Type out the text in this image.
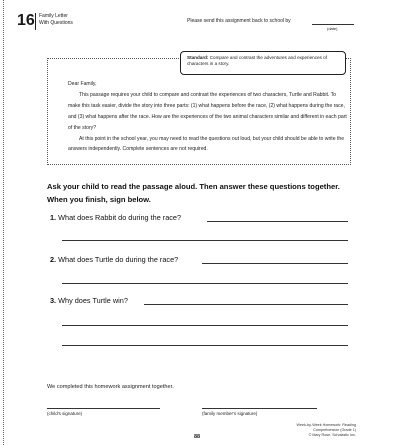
16 Family Letter
With Questions	Please send this assignment back to school by
(date)
Standard: Compare and contrast the adventures and experiences of characters in a story.
Dear Family,
This passage requires your child to compare and contrast the experiences of two characters, Turtle and Rabbit. To make this task easier, divide the story into three parts: (1) what happens before the race, (2) what happens during the race, and (3) what happens after the race. How are the experiences of the two animal characters similar and different in each part of the story?
At this point in the school year, you may need to read the questions out loud, but your child should be able to write the answers independently. Complete sentences are not required.
Ask your child to read the passage aloud. Then answer these questions together. When you finish, sign below.
1. What does Rabbit do during the race?
2. What does Turtle do during the race?
3. Why does Turtle win?
We completed this homework assignment together.
(child's signature)	(family member's signature)
Week-by-Week Homework: Reading Comprehension (Grade 1)
© Mary Rose, Scholastic Inc.
88
